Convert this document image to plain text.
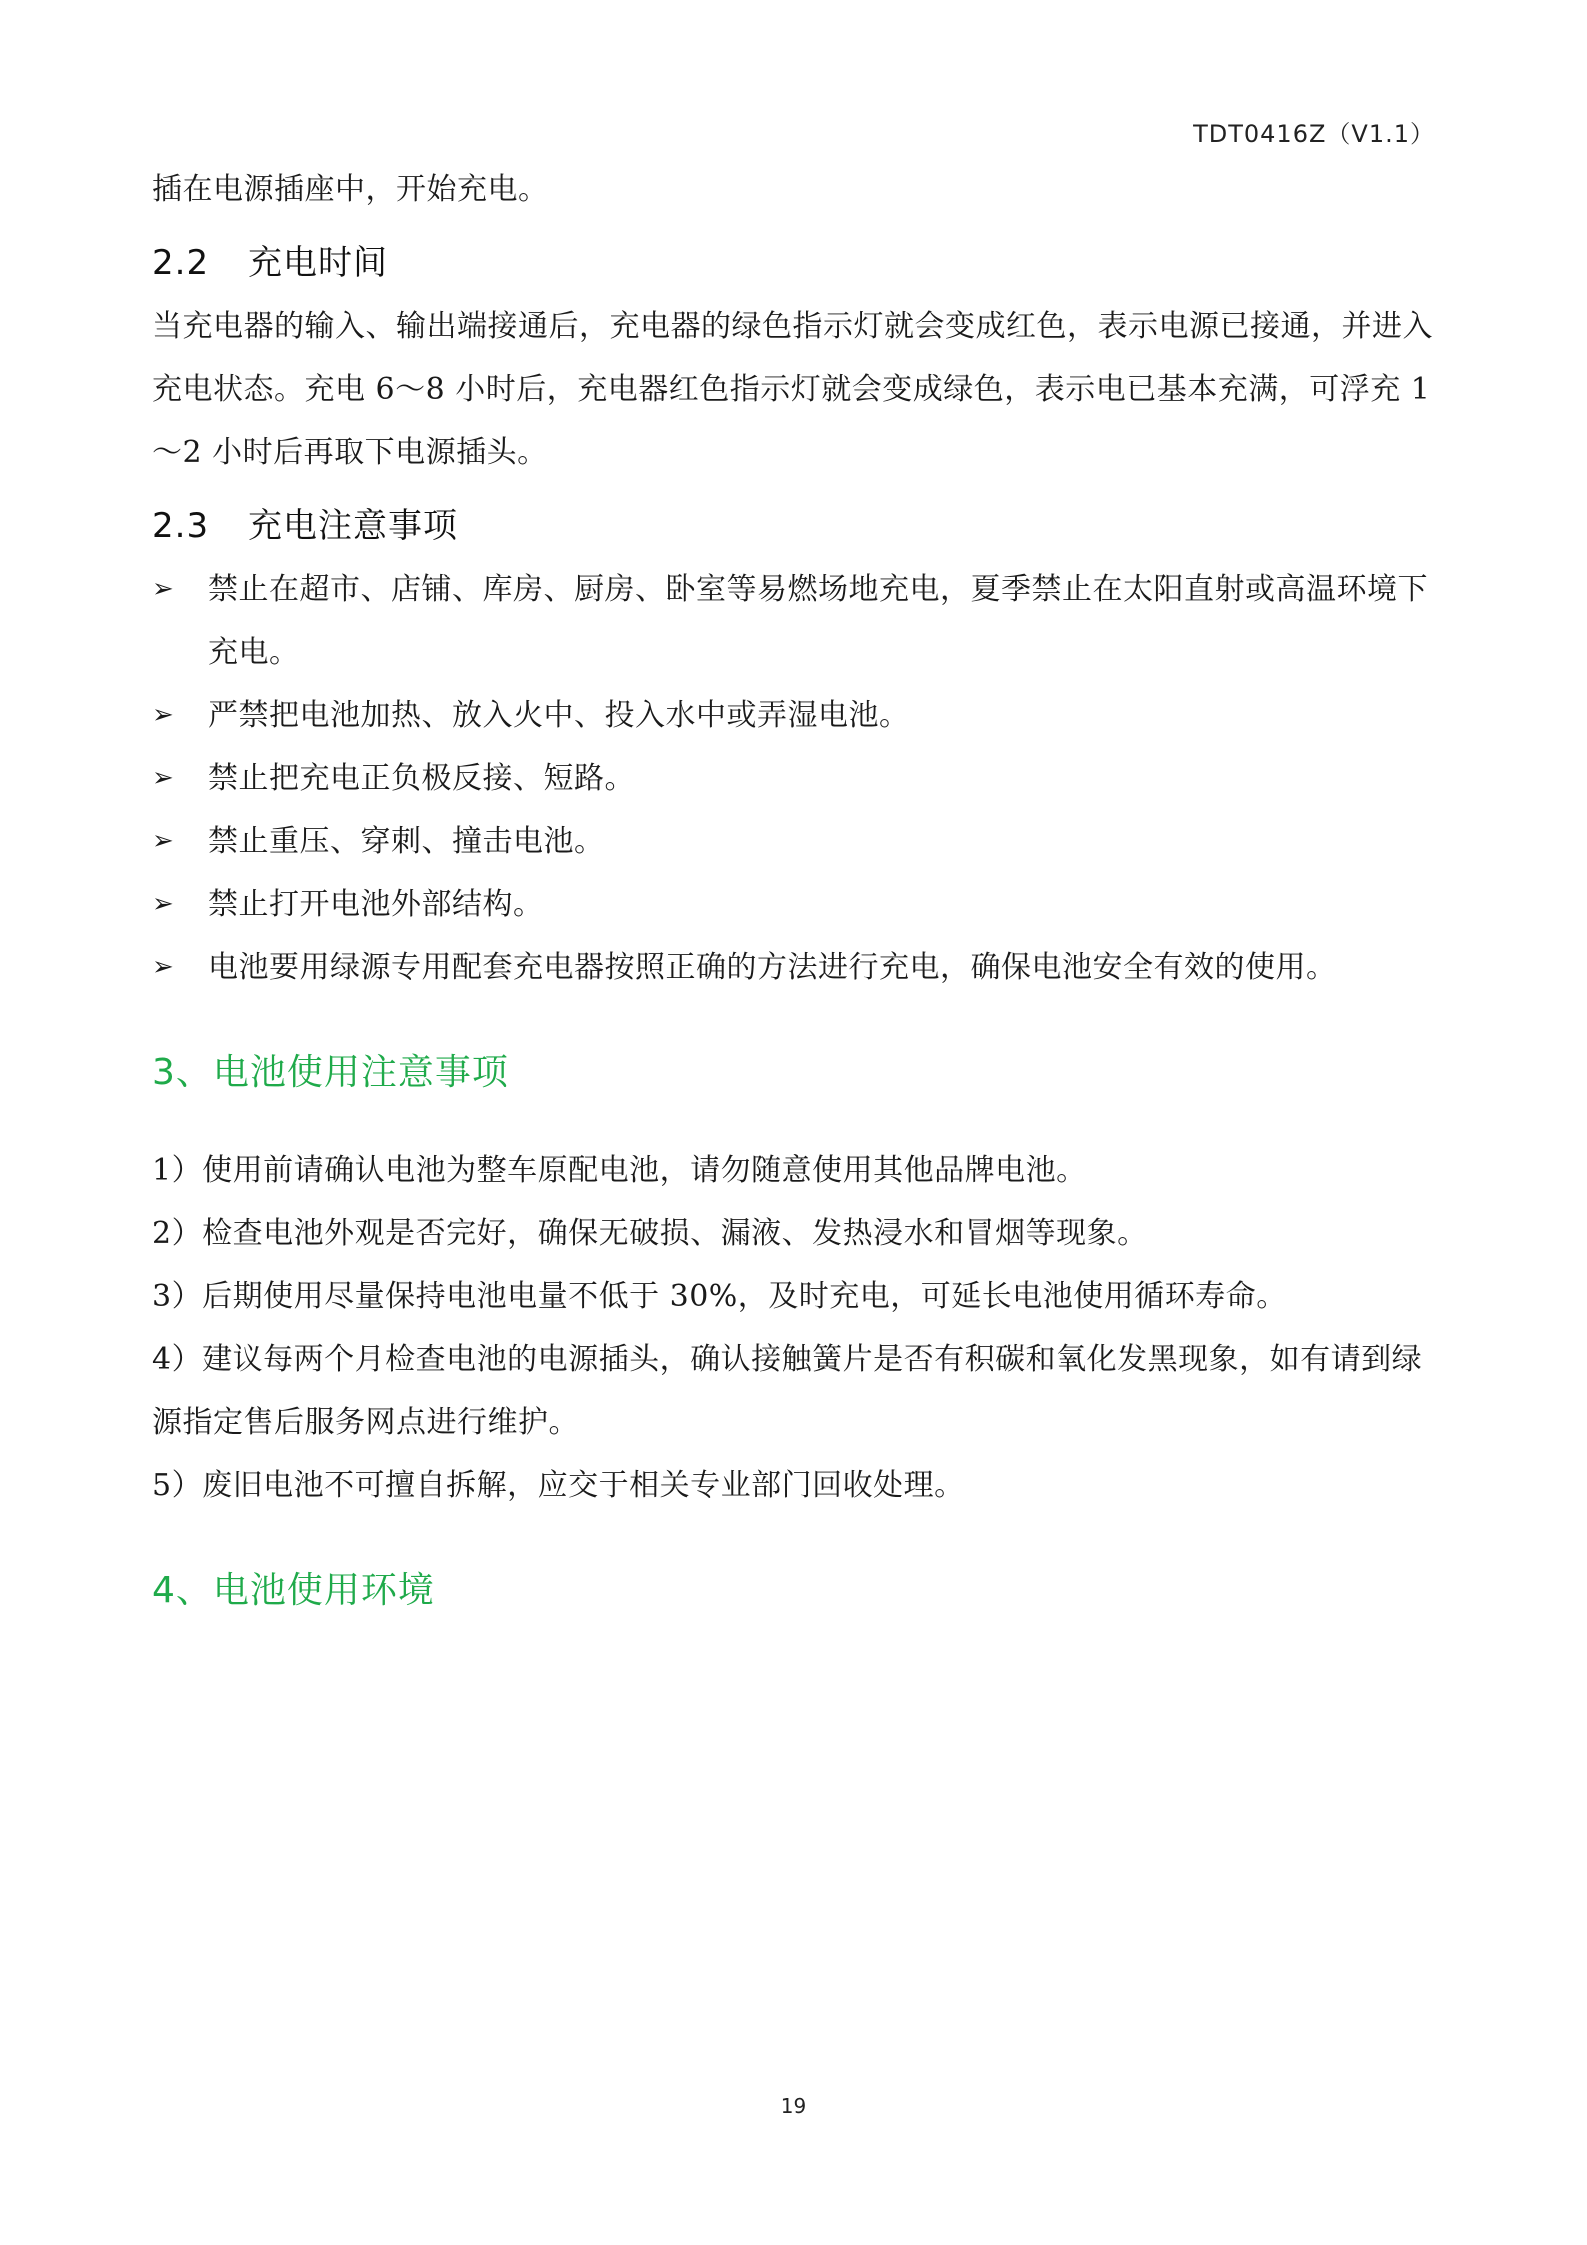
TDT0416Z（V1.1）

插在电源插座中，开始充电。

2.2 充电时间

当充电器的输入、输出端接通后，充电器的绿色指示灯就会变成红色，表示电源已接通，并进入充电状态。充电 6～8 小时后，充电器红色指示灯就会变成绿色，表示电已基本充满，可浮充 1～2 小时后再取下电源插头。

2.3 充电注意事项
➢ 禁止在超市、店铺、库房、厨房、卧室等易燃场地充电，夏季禁止在太阳直射或高温环境下充电。
➢ 严禁把电池加热、放入火中、投入水中或弄湿电池。
➢ 禁止把充电正负极反接、短路。
➢ 禁止重压、穿刺、撞击电池。
➢ 禁止打开电池外部结构。
➢ 电池要用绿源专用配套充电器按照正确的方法进行充电，确保电池安全有效的使用。
3、电池使用注意事项

1）使用前请确认电池为整车原配电池，请勿随意使用其他品牌电池。

2）检查电池外观是否完好，确保无破损、漏液、发热浸水和冒烟等现象。

3）后期使用尽量保持电池电量不低于 30%，及时充电，可延长电池使用循环寿命。

4）建议每两个月检查电池的电源插头，确认接触簧片是否有积碳和氧化发黑现象，如有请到绿源指定售后服务网点进行维护。

5）废旧电池不可擅自拆解，应交于相关专业部门回收处理。

4、电池使用环境
19
